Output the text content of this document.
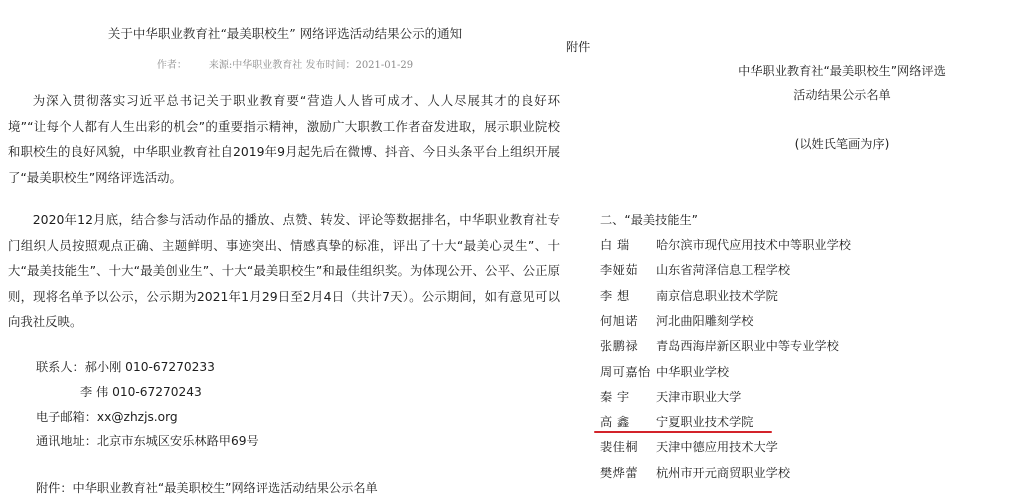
关于中华职业教育社“最美职校生” 网络评选活动结果公示的通知
作者： 来源:中华职业教育社 发布时间：2021-01-29
为深入贯彻落实习近平总书记关于职业教育要“营造人人皆可成才、人人尽展其才的良好环境”“让每个人都有人生出彩的机会”的重要指示精神，激励广大职教工作者奋发进取，展示职业院校和职校生的良好风貌，中华职业教育社自2019年9月起先后在微博、抖音、今日头条平台上组织开展了“最美职校生”网络评选活动。
2020年12月底，结合参与活动作品的播放、点赞、转发、评论等数据排名，中华职业教育社专门组织人员按照观点正确、主题鲜明、事迹突出、情感真挚的标准，评出了十大“最美心灵生”、十大“最美技能生”、十大“最美创业生”、十大“最美职校生”和最佳组织奖。为体现公开、公平、公正原则，现将名单予以公示，公示期为2021年1月29日至2月4日（共计7天）。公示期间，如有意见可以向我社反映。
联系人：郝小刚 010-67270233
李 伟 010-67270243
电子邮箱：xx@zhzjs.org
通讯地址：北京市东城区安乐林路甲69号
附件：中华职业教育社“最美职校生”网络评选活动结果公示名单
附件
中华职业教育社“最美职校生”网络评选
活动结果公示名单
(以姓氏笔画为序)
二、“最美技能生”
白 瑞 哈尔滨市现代应用技术中等职业学校
李娅茹 山东省菏泽信息工程学校
李 想 南京信息职业技术学院
何旭诺 河北曲阳雕刻学校
张鹏禄 青岛西海岸新区职业中等专业学校
周可嘉怡 中华职业学校
秦 宇 天津市职业大学
高 鑫 宁夏职业技术学院
裴佳桐 天津中德应用技术大学
樊烨蕾 杭州市开元商贸职业学校
